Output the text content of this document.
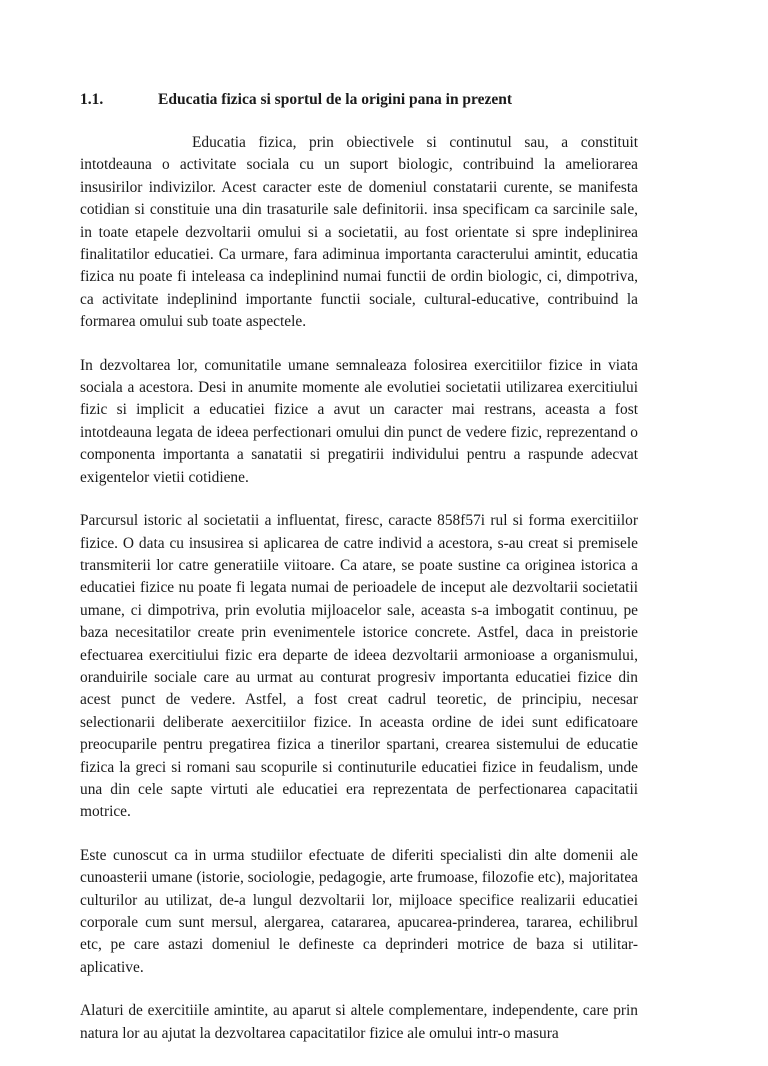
1.1.	Educatia fizica si sportul de la origini pana in prezent

Educatia fizica, prin obiectivele si continutul sau, a constituit intotdeauna o activitate sociala cu un suport biologic, contribuind la ameliorarea insusirilor indivizilor. Acest caracter este de domeniul constatarii curente, se manifesta cotidian si constituie una din trasaturile sale definitorii. insa specificam ca sarcinile sale, in toate etapele dezvoltarii omului si a societatii, au fost orientate si spre indeplinirea finalitatilor educatiei. Ca urmare, fara adiminua importanta caracterului amintit, educatia fizica nu poate fi inteleasa ca indeplinind numai functii de ordin biologic, ci, dimpotriva, ca activitate indeplinind importante functii sociale, cultural-educative, contribuind la formarea omului sub toate aspectele.

In dezvoltarea lor, comunitatile umane semnaleaza folosirea exercitiilor fizice in viata sociala a acestora. Desi in anumite momente ale evolutiei societatii utilizarea exercitiului fizic si implicit a educatiei fizice a avut un caracter mai restrans, aceasta a fost intotdeauna legata de ideea perfectionari omului din punct de vedere fizic, reprezentand o componenta importanta a sanatatii si pregatirii individului pentru a raspunde adecvat exigentelor vietii cotidiene.

Parcursul istoric al societatii a influentat, firesc, caracte 858f57i rul si forma exercitiilor fizice. O data cu insusirea si aplicarea de catre individ a acestora, s-au creat si premisele transmiterii lor catre generatiile viitoare. Ca atare, se poate sustine ca originea istorica a educatiei fizice nu poate fi legata numai de perioadele de inceput ale dezvoltarii societatii umane, ci dimpotriva, prin evolutia mijloacelor sale, aceasta s-a imbogatit continuu, pe baza necesitatilor create prin evenimentele istorice concrete. Astfel, daca in preistorie efectuarea exercitiului fizic era departe de ideea dezvoltarii armonioase a organismului, oranduirile sociale care au urmat au conturat progresiv importanta educatiei fizice din acest punct de vedere. Astfel, a fost creat cadrul teoretic, de principiu, necesar selectionarii deliberate aexercitiilor fizice. In aceasta ordine de idei sunt edificatoare preocuparile pentru pregatirea fizica a tinerilor spartani, crearea sistemului de educatie fizica la greci si romani sau scopurile si continuturile educatiei fizice in feudalism, unde una din cele sapte virtuti ale educatiei era reprezentata de perfectionarea capacitatii motrice.

Este cunoscut ca in urma studiilor efectuate de diferiti specialisti din alte domenii ale cunoasterii umane (istorie, sociologie, pedagogie, arte frumoase, filozofie etc), majoritatea culturilor au utilizat, de-a lungul dezvoltarii lor, mijloace specifice realizarii educatiei corporale cum sunt mersul, alergarea, catararea, apucarea-prinderea, tararea, echilibrul etc, pe care astazi domeniul le defineste ca deprinderi motrice de baza si utilitar-aplicative.

Alaturi de exercitiile amintite, au aparut si altele complementare, independente, care prin natura lor au ajutat la dezvoltarea capacitatilor fizice ale omului intr-o masura
